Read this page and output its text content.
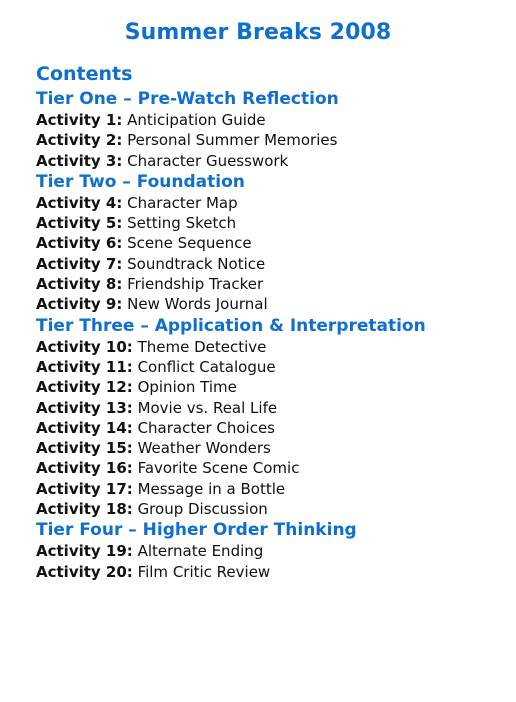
Summer Breaks 2008
Contents
Tier One – Pre-Watch Reflection
Activity 1: Anticipation Guide
Activity 2: Personal Summer Memories
Activity 3: Character Guesswork
Tier Two – Foundation
Activity 4: Character Map
Activity 5: Setting Sketch
Activity 6: Scene Sequence
Activity 7: Soundtrack Notice
Activity 8: Friendship Tracker
Activity 9: New Words Journal
Tier Three – Application & Interpretation
Activity 10: Theme Detective
Activity 11: Conflict Catalogue
Activity 12: Opinion Time
Activity 13: Movie vs. Real Life
Activity 14: Character Choices
Activity 15: Weather Wonders
Activity 16: Favorite Scene Comic
Activity 17: Message in a Bottle
Activity 18: Group Discussion
Tier Four – Higher Order Thinking
Activity 19: Alternate Ending
Activity 20: Film Critic Review
